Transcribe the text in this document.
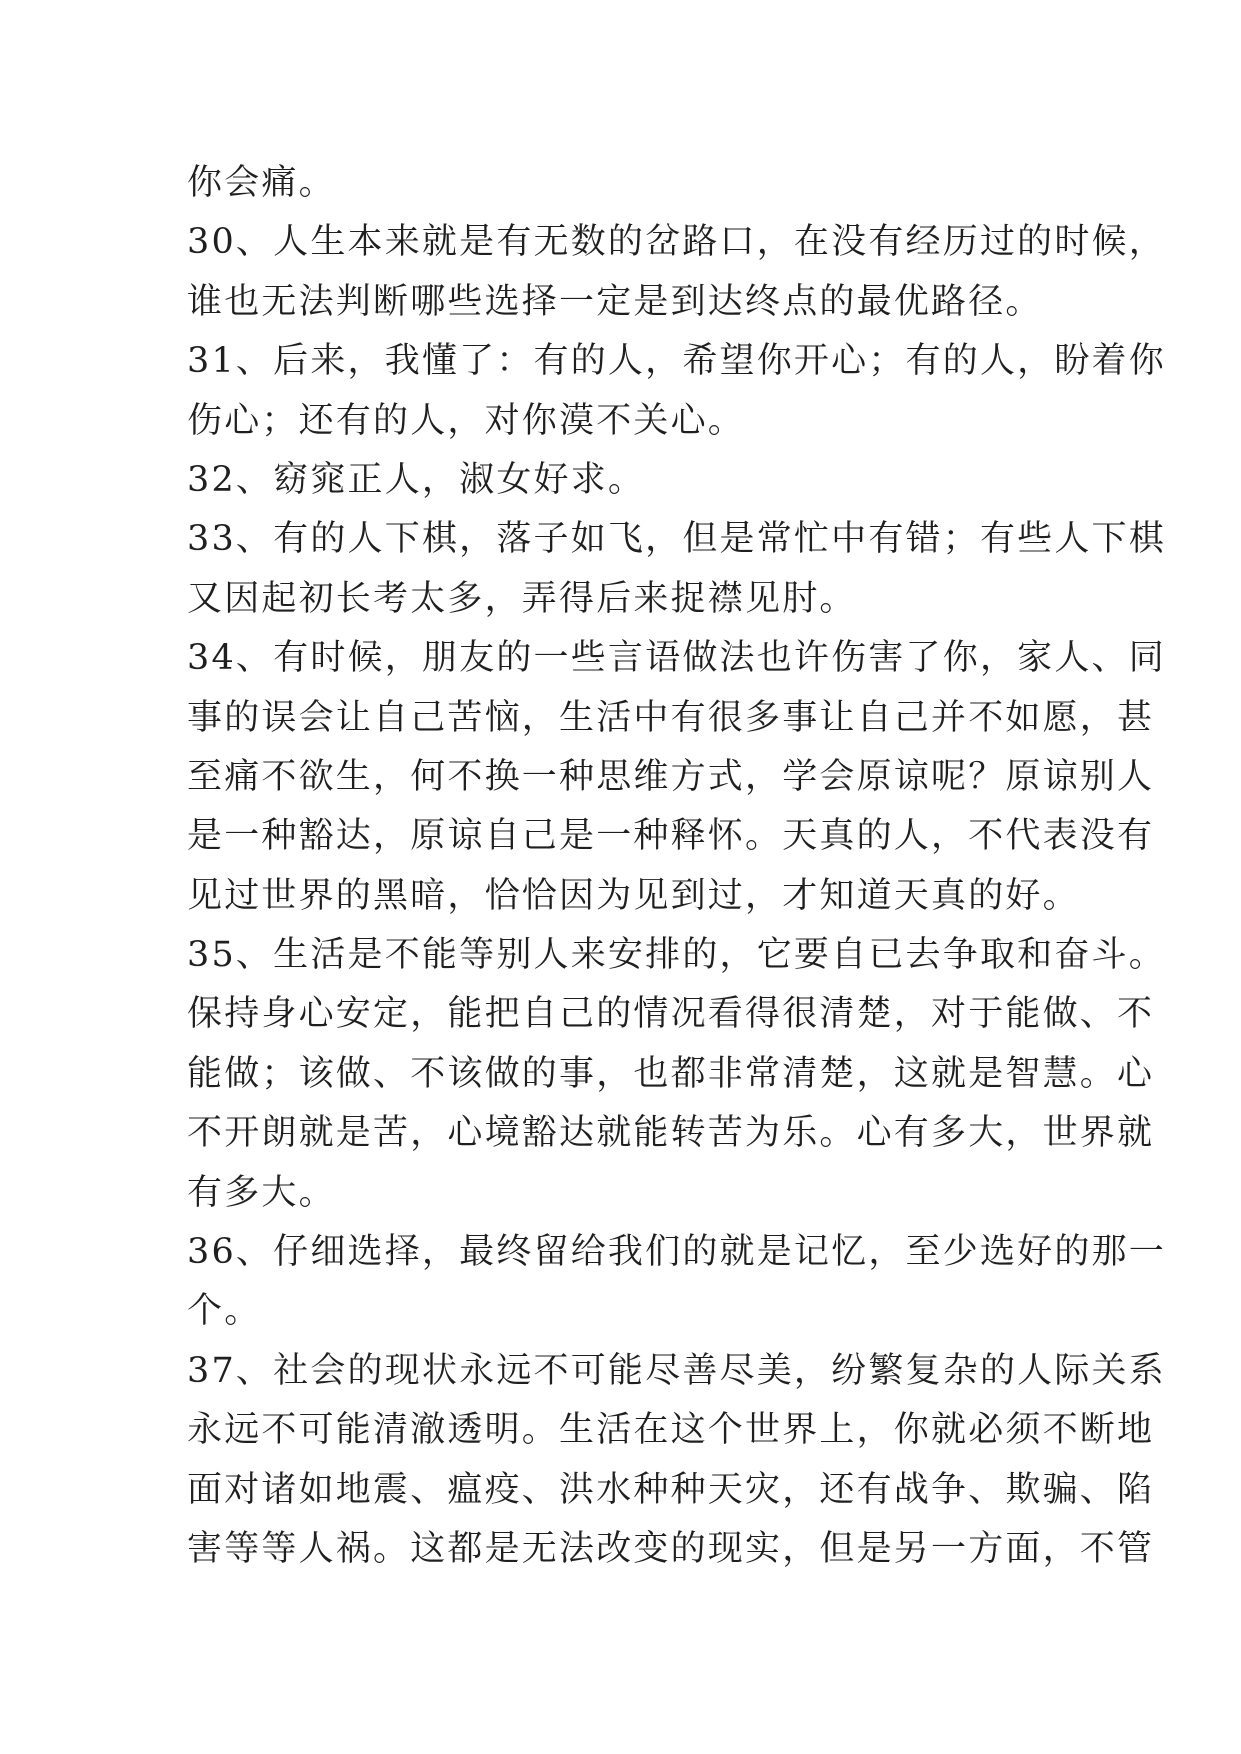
你会痛。
30、人生本来就是有无数的岔路口，在没有经历过的时候，
谁也无法判断哪些选择一定是到达终点的最优路径。
31、后来，我懂了：有的人，希望你开心；有的人，盼着你
伤心；还有的人，对你漠不关心。
32、窈窕正人，淑女好求。
33、有的人下棋，落子如飞，但是常忙中有错；有些人下棋
又因起初长考太多，弄得后来捉襟见肘。
34、有时候，朋友的一些言语做法也许伤害了你，家人、同
事的误会让自己苦恼，生活中有很多事让自己并不如愿，甚
至痛不欲生，何不换一种思维方式，学会原谅呢？原谅别人
是一种豁达，原谅自己是一种释怀。天真的人，不代表没有
见过世界的黑暗，恰恰因为见到过，才知道天真的好。
35、生活是不能等别人来安排的，它要自已去争取和奋斗。
保持身心安定，能把自己的情况看得很清楚，对于能做、不
能做；该做、不该做的事，也都非常清楚，这就是智慧。心
不开朗就是苦，心境豁达就能转苦为乐。心有多大，世界就
有多大。
36、仔细选择，最终留给我们的就是记忆，至少选好的那一
个。
37、社会的现状永远不可能尽善尽美，纷繁复杂的人际关系
永远不可能清澈透明。生活在这个世界上，你就必须不断地
面对诸如地震、瘟疫、洪水种种天灾，还有战争、欺骗、陷
害等等人祸。这都是无法改变的现实，但是另一方面，不管
